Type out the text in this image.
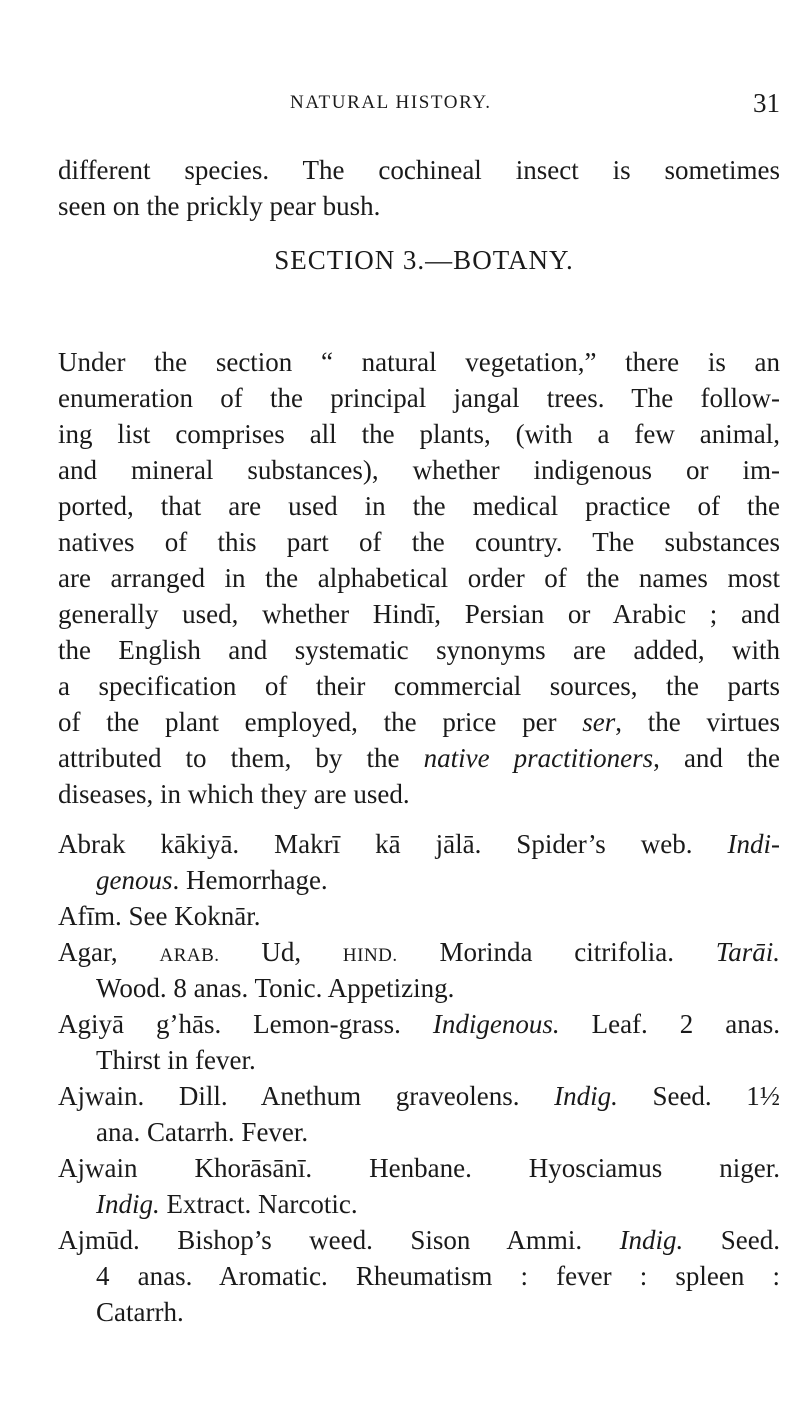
NATURAL HISTORY.	31
different species. The cochineal insect is sometimes
seen on the prickly pear bush.
SECTION 3.—BOTANY.
Under the section “ natural vegetation,” there is an
enumeration of the principal jangal trees. The follow-
ing list comprises all the plants, (with a few animal,
and mineral substances), whether indigenous or im-
ported, that are used in the medical practice of the
natives of this part of the country. The substances
are arranged in the alphabetical order of the names most
generally used, whether Hindī, Persian or Arabic ; and
the English and systematic synonyms are added, with
a specification of their commercial sources, the parts
of the plant employed, the price per ser, the virtues
attributed to them, by the native practitioners, and the
diseases, in which they are used.
Abrak kākiyā. Makrī kā jālā. Spider’s web. Indi-
genous. Hemorrhage.
Afīm. See Koknār.
Agar, ARAB. Ud, HIND. Morinda citrifolia. Tarāi.
Wood. 8 anas. Tonic. Appetizing.
Agiyā g’hās. Lemon-grass. Indigenous. Leaf. 2 anas.
Thirst in fever.
Ajwain. Dill. Anethum graveolens. Indig. Seed. 1½
ana. Catarrh. Fever.
Ajwain Khorāsānī. Henbane. Hyosciamus niger.
Indig. Extract. Narcotic.
Ajmūd. Bishop’s weed. Sison Ammi. Indig. Seed.
4 anas. Aromatic. Rheumatism : fever : spleen :
Catarrh.
